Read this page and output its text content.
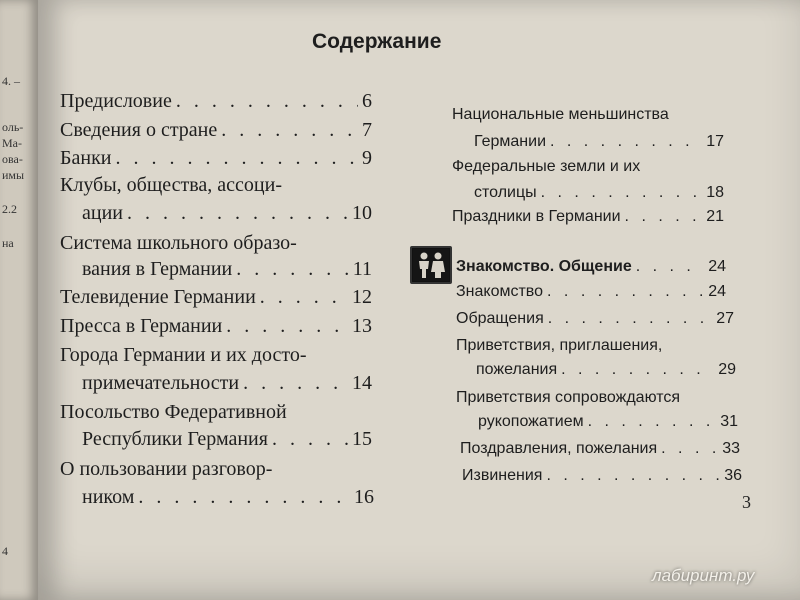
4. –
оль-
Ма-
ова-
имы
2.2
на
4
Содержание
Предисловие . . .	6
Сведения о стране . . .	7
Банки . . .	9
Клубы, общества, ассоци-
ации . . .	10
Система школьного образо-
вания в Германии . . .	11
Телевидение Германии . . .	12
Пресса в Германии . . .	13
Города Германии и их досто-
примечательности . . .	14
Посольство Федеративной
Республики Германия . . .	15
О пользовании разговор-
ником . . .	16
Национальные меньшинства
Германии . . .	17
Федеральные земли и их
столицы . . .	18
Праздники в Германии . . .	21
Знакомство. Общение . . .	24
Знакомство . . .	24
Обращения . . .	27
Приветствия, приглашения,
пожелания . . .	29
Приветствия сопровождаются
рукопожатием . . .	31
Поздравления, пожелания . . .	33
Извинения . . .	36
3
лабиринт.ру
